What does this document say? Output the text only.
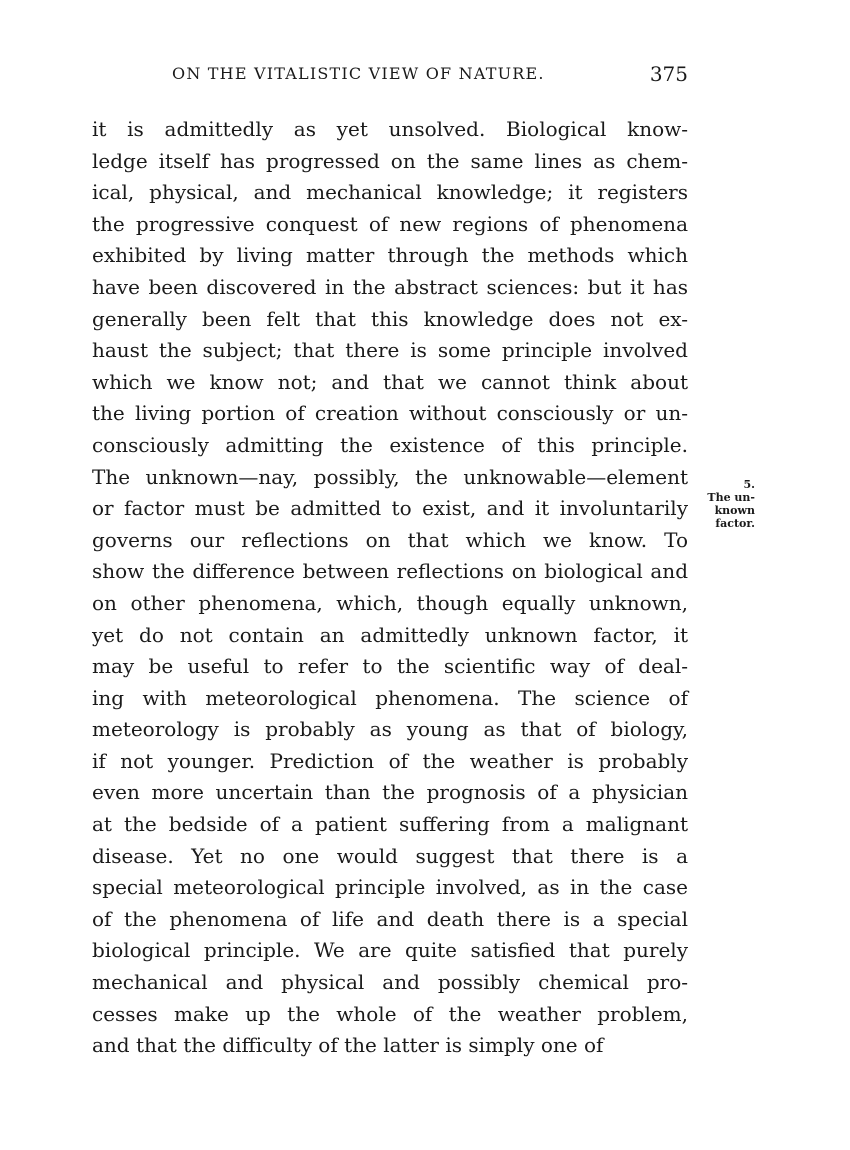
ON THE VITALISTIC VIEW OF NATURE.	375
5.
The un-
known
factor.
it is admittedly as yet unsolved. Biological know-
ledge itself has progressed on the same lines as chem-
ical, physical, and mechanical knowledge; it registers
the progressive conquest of new regions of phenomena
exhibited by living matter through the methods which
have been discovered in the abstract sciences: but it has
generally been felt that this knowledge does not ex-
haust the subject; that there is some principle involved
which we know not; and that we cannot think about
the living portion of creation without consciously or un-
consciously admitting the existence of this principle.
The unknown—nay, possibly, the unknowable—element
or factor must be admitted to exist, and it involuntarily
governs our reflections on that which we know. To
show the difference between reflections on biological and
on other phenomena, which, though equally unknown,
yet do not contain an admittedly unknown factor, it
may be useful to refer to the scientific way of deal-
ing with meteorological phenomena. The science of
meteorology is probably as young as that of biology,
if not younger. Prediction of the weather is probably
even more uncertain than the prognosis of a physician
at the bedside of a patient suffering from a malignant
disease. Yet no one would suggest that there is a
special meteorological principle involved, as in the case
of the phenomena of life and death there is a special
biological principle. We are quite satisfied that purely
mechanical and physical and possibly chemical pro-
cesses make up the whole of the weather problem,
and that the difficulty of the latter is simply one of
